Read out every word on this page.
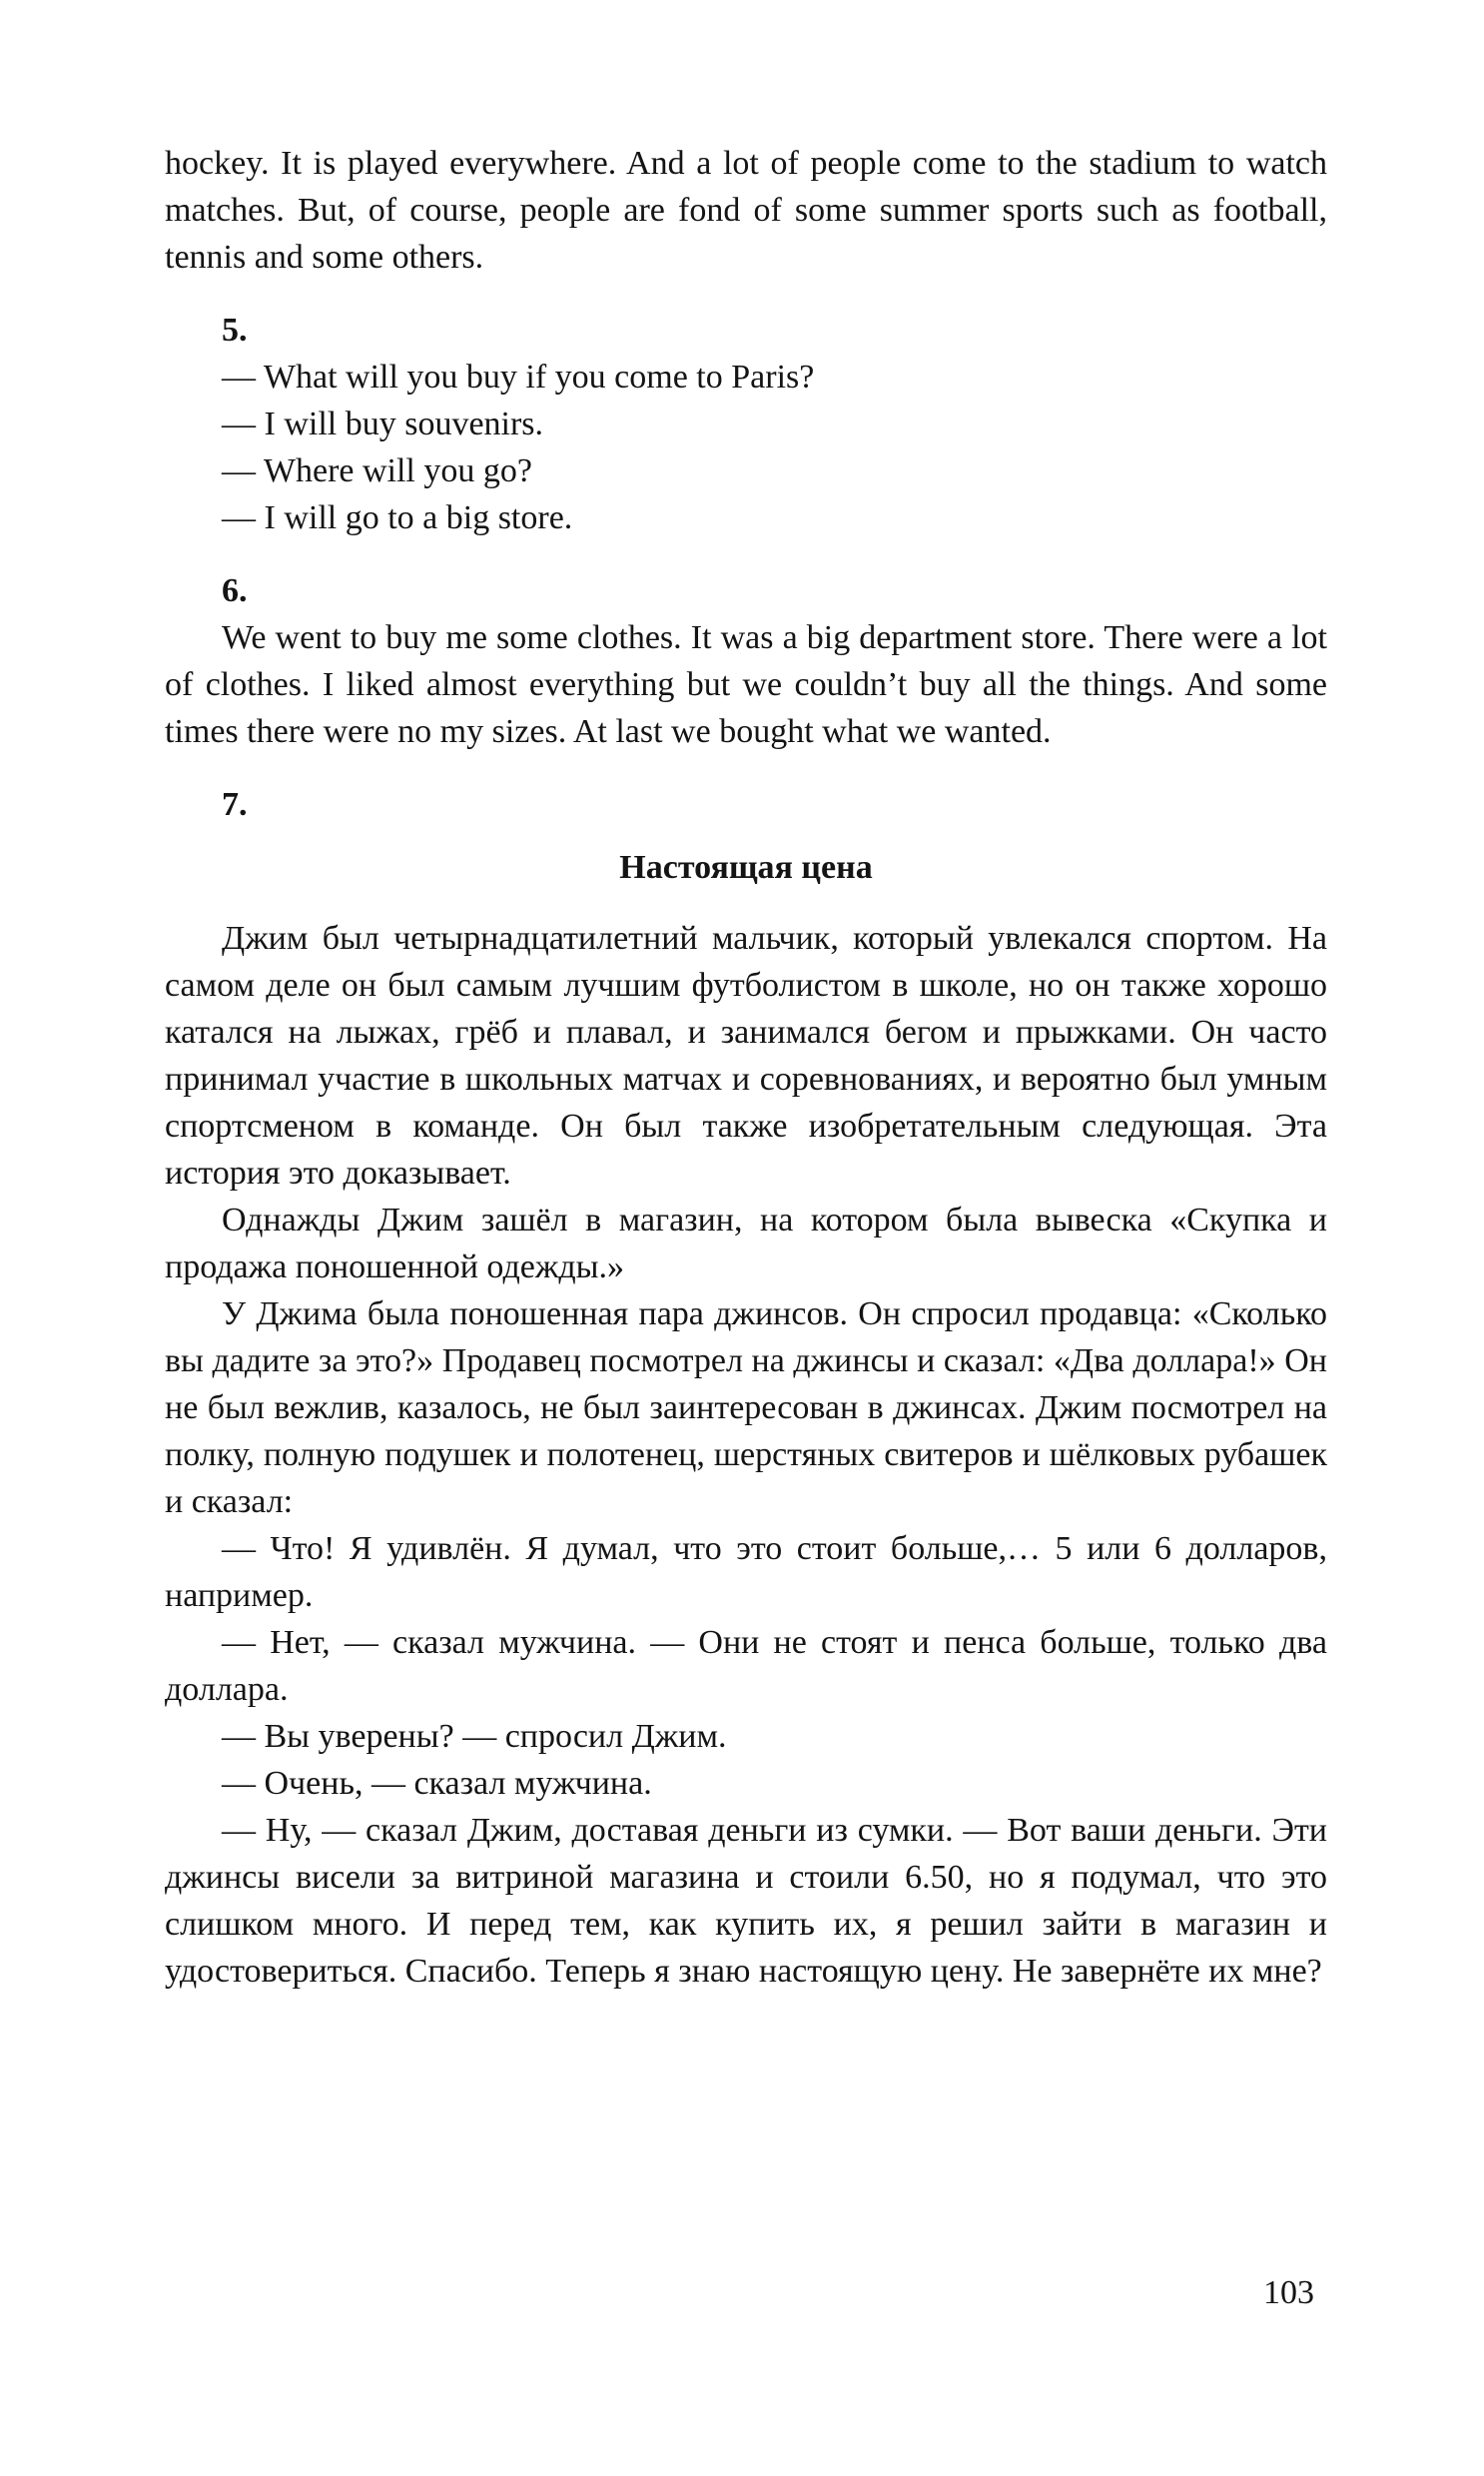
hockey. It is played everywhere. And a lot of people come to the stadium to watch matches. But, of course, people are fond of some summer sports such as football, tennis and some others.

5.

— What will you buy if you come to Paris?

— I will buy souvenirs.

— Where will you go?

— I will go to a big store.

6.

We went to buy me some clothes. It was a big department store. There were a lot of clothes. I liked almost everything but we couldn’t buy all the things. And some times there were no my sizes. At last we bought what we wanted.

7.

Настоящая цена

Джим был четырнадцатилетний мальчик, который увлекался спортом. На самом деле он был самым лучшим футболистом в школе, но он также хорошо катался на лыжах, грёб и плавал, и занимался бегом и прыжками. Он часто принимал участие в школьных матчах и соревнованиях, и вероятно был умным спортсменом в команде. Он был также изобретательным следующая. Эта история это доказывает.

Однажды Джим зашёл в магазин, на котором была вывеска «Скупка и продажа поношенной одежды.»

У Джима была поношенная пара джинсов. Он спросил продавца: «Сколько вы дадите за это?» Продавец посмотрел на джинсы и сказал: «Два доллара!» Он не был вежлив, казалось, не был заинтересован в джинсах. Джим посмотрел на полку, полную подушек и полотенец, шерстяных свитеров и шёлковых рубашек и сказал:

— Что! Я удивлён. Я думал, что это стоит больше,… 5 или 6 долларов, например.

— Нет, — сказал мужчина. — Они не стоят и пенса больше, только два доллара.

— Вы уверены? — спросил Джим.

— Очень, — сказал мужчина.

— Ну, — сказал Джим, доставая деньги из сумки. — Вот ваши деньги. Эти джинсы висели за витриной магазина и стоили 6.50, но я подумал, что это слишком много. И перед тем, как купить их, я решил зайти в магазин и удостовериться. Спасибо. Теперь я знаю настоящую цену. Не завернёте их мне?

103
